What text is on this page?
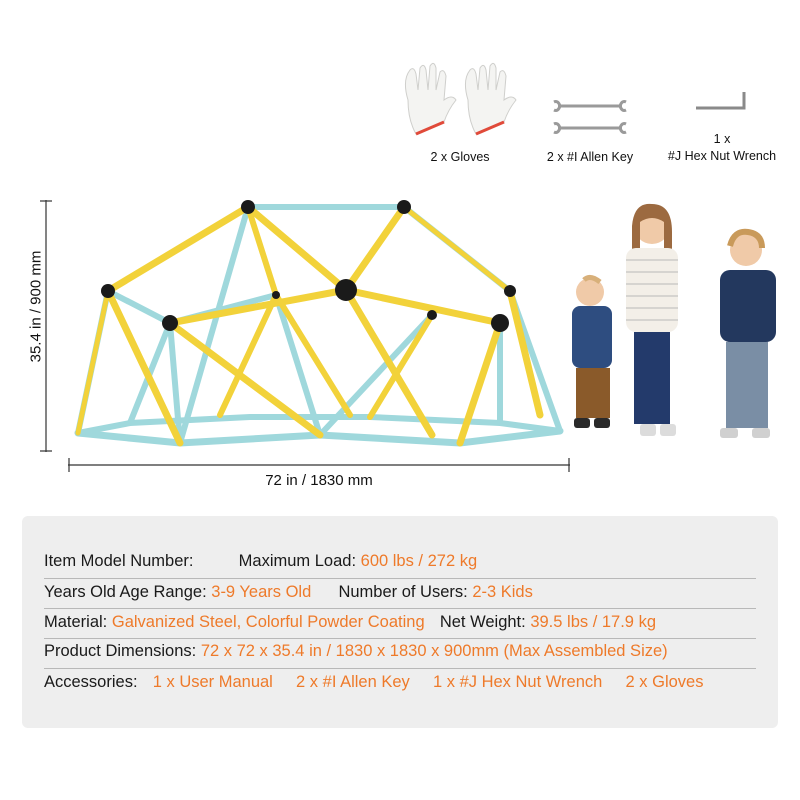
2 x Gloves	2 x #I Allen Key
1 x
#J Hex Nut Wrench
35.4 in / 900 mm
72 in / 1830 mm
Item Model Number:	Maximum Load: 600 lbs / 272 kg
Years Old Age Range: 3-9 Years Old Number of Users: 2-3 Kids
Material: Galvanized Steel, Colorful Powder Coating Net Weight: 39.5 lbs / 17.9 kg
Product Dimensions: 72 x 72 x 35.4 in / 1830 x 1830 x 900mm (Max Assembled Size)
Accessories: 1 x User Manual 2 x #I Allen Key 1 x #J Hex Nut Wrench 2 x Gloves
